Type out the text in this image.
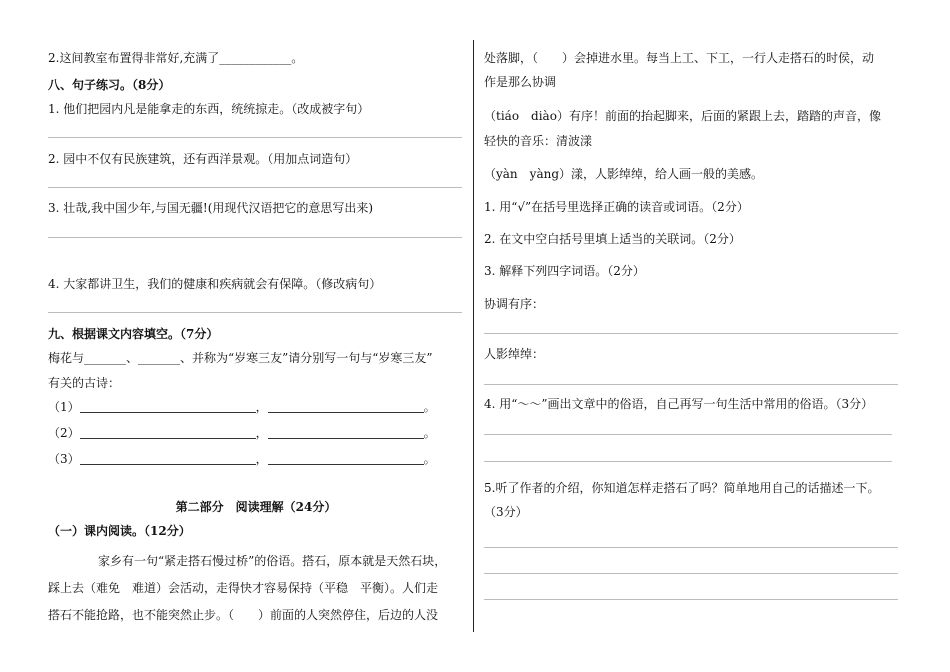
2.这间教室布置得非常好,充满了____________。
八、句子练习。（8分）
1. 他们把园内凡是能拿走的东西，统统掠走。（改成被字句）
2. 园中不仅有民族建筑，还有西洋景观。（用加点词造句）
3. 壮哉,我中国少年,与国无疆!(用现代汉语把它的意思写出来)
4. 大家都讲卫生，我们的健康和疾病就会有保障。（修改病句）
九、根据课文内容填空。（7分）
梅花与_______、_______、并称为“岁寒三友”请分别写一句与“岁寒三友”
有关的古诗：
（1）	，	。
（2）	，	。
（3）	，	。
第二部分　阅读理解（24分）
（一）课内阅读。（12分）
家乡有一句“紧走搭石慢过桥”的俗语。搭石，原本就是天然石块，
踩上去（难免　难道）会活动，走得快才容易保持（平稳　平衡）。人们走
搭石不能抢路，也不能突然止步。（　　）前面的人突然停住，后边的人没
处落脚，（　　）会掉进水里。每当上工、下工，一行人走搭石的时侯，动
作是那么协调
（tiáo　diào）有序！前面的抬起脚来，后面的紧跟上去，踏踏的声音，像
轻快的音乐：清波漾
（yàn　yàng）漾，人影绰绰，给人画一般的美感。
1. 用“√”在括号里选择正确的读音或词语。（2分）
2. 在文中空白括号里填上适当的关联词。（2分）
3. 解释下列四字词语。（2分）
协调有序：
人影绰绰：
4. 用“～～”画出文章中的俗语，自己再写一句生活中常用的俗语。（3分）
5.听了作者的介绍，你知道怎样走搭石了吗？简单地用自己的话描述一下。
（3分）
